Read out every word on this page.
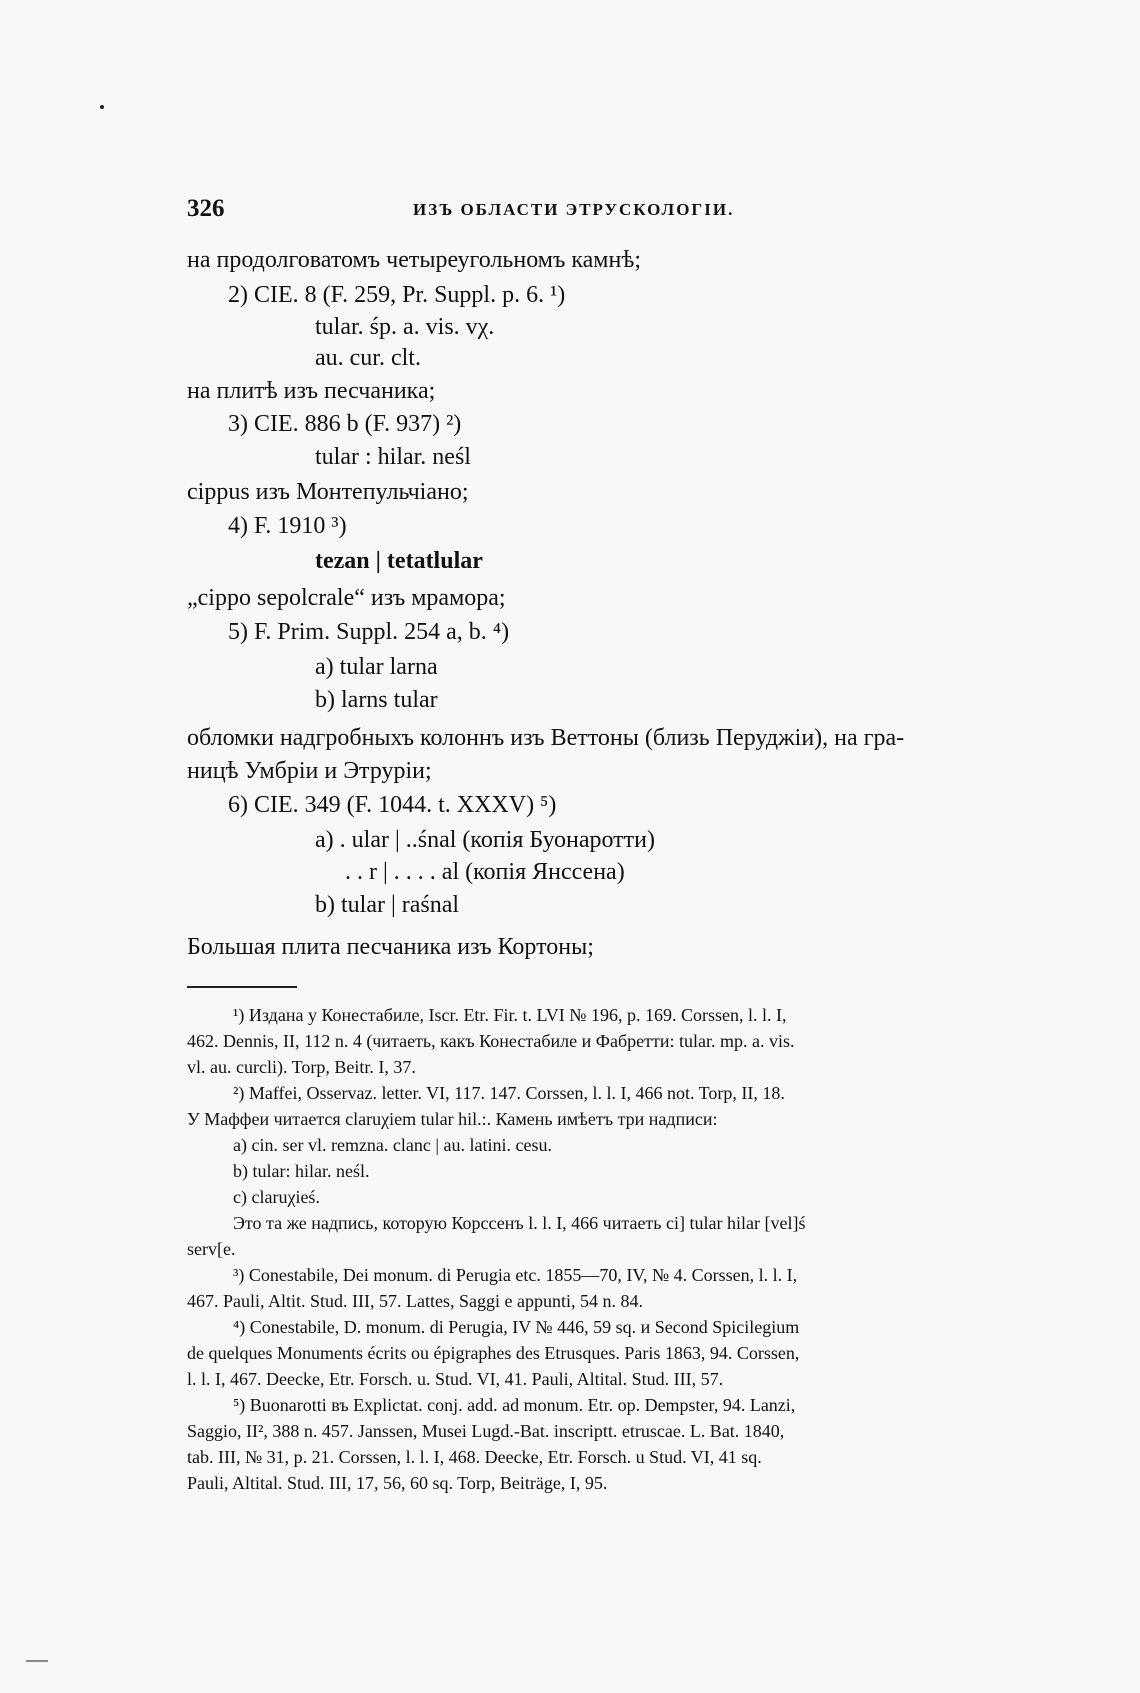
326	ИЗЪ ОБЛАСТИ ЭТРУСКОЛОГІИ.
на продолговатомъ четыреугольномъ камнѣ;
2) CIE. 8 (F. 259, Pr. Suppl. p. 6. ¹)
tular. śp. a. vis. vχ.
au. cur. clt.
на плитѣ изъ песчаника;
3) CIE. 886 b (F. 937) ²)
tular : hilar. neśl
cippus изъ Монтепульчіано;
4) F. 1910 ³)
tezan | tetatlular
„cippo sepolcrale“ изъ мрамора;
5) F. Prim. Suppl. 254 a, b. ⁴)
a) tular larna
b) larns tular
обломки надгробныхъ колоннъ изъ Веттоны (близь Перуджіи), на гра-
ницѣ Умбріи и Этруріи;
6) CIE. 349 (F. 1044. t. XXXV) ⁵)
a) . ular | ..śnal (копія Буонаротти)
. . r | . . . . al (копія Янссена)
b) tular | raśnal
Большая плита песчаника изъ Кортоны;
¹) Издана у Конестабиле, Iscr. Etr. Fir. t. LVI № 196, p. 169. Corssen, l. l. I,
462. Dennis, II, 112 n. 4 (читаеть, какъ Конестабиле и Фабретти: tular. mp. a. vis.
vl. au. curcli). Torp, Beitr. I, 37.
²) Maffei, Osservaz. letter. VI, 117. 147. Corssen, l. l. I, 466 not. Torp, II, 18.
У Маффеи читается claruχiem tular hil.:. Камень имѣетъ три надписи:
a) cin. ser vl. remzna. clanc | au. latini. cesu.
b) tular: hilar. neśl.
c) claruχieś.
Это та же надпись, которую Корссенъ l. l. I, 466 читаеть ci] tular hilar [vel]ś
serv[e.
³) Conestabile, Dei monum. di Perugia etc. 1855—70, IV, № 4. Corssen, l. l. I,
467. Pauli, Altit. Stud. III, 57. Lattes, Saggi e appunti, 54 n. 84.
⁴) Conestabile, D. monum. di Perugia, IV № 446, 59 sq. и Second Spicilegium
de quelques Monuments écrits ou épigraphes des Etrusques. Paris 1863, 94. Corssen,
l. l. I, 467. Deecke, Etr. Forsch. u. Stud. VI, 41. Pauli, Altital. Stud. III, 57.
⁵) Buonarotti въ Explictat. conj. add. ad monum. Etr. op. Dempster, 94. Lanzi,
Saggio, II², 388 n. 457. Janssen, Musei Lugd.-Bat. inscriptt. etruscae. L. Bat. 1840,
tab. III, № 31, p. 21. Corssen, l. l. I, 468. Deecke, Etr. Forsch. u Stud. VI, 41 sq.
Pauli, Altital. Stud. III, 17, 56, 60 sq. Torp, Beiträge, I, 95.
